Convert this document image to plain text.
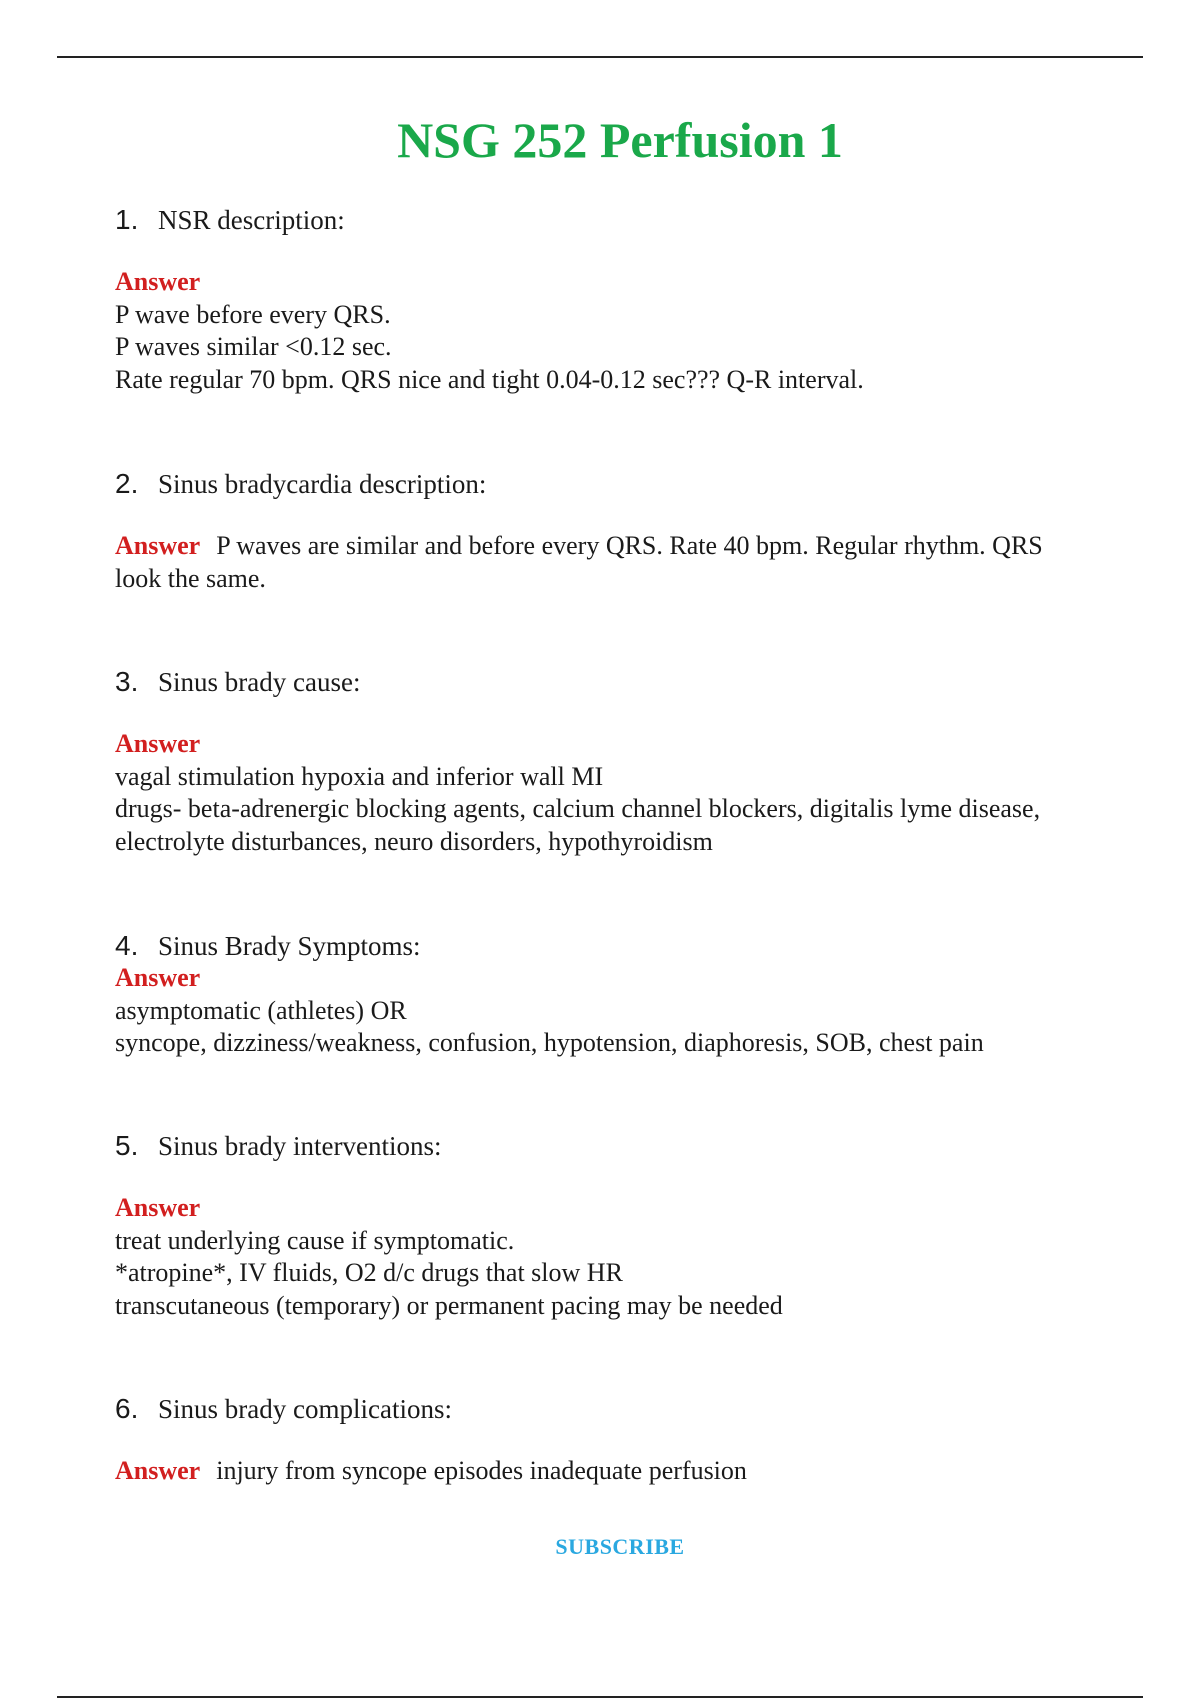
NSG 252 Perfusion 1

1. NSR description:

Answer
P wave before every QRS.
P waves similar <0.12 sec.
Rate regular 70 bpm. QRS nice and tight 0.04-0.12 sec??? Q-R interval.

2. Sinus bradycardia description:

Answer P waves are similar and before every QRS. Rate 40 bpm. Regular rhythm. QRS
look the same.

3. Sinus brady cause:

Answer
vagal stimulation hypoxia and inferior wall MI
drugs- beta-adrenergic blocking agents, calcium channel blockers, digitalis lyme disease,
electrolyte disturbances, neuro disorders, hypothyroidism

4. Sinus Brady Symptoms:

Answer
asymptomatic (athletes) OR
syncope, dizziness/weakness, confusion, hypotension, diaphoresis, SOB, chest pain

5. Sinus brady interventions:

Answer
treat underlying cause if symptomatic.
*atropine*, IV fluids, O2 d/c drugs that slow HR
transcutaneous (temporary) or permanent pacing may be needed

6. Sinus brady complications:

Answer injury from syncope episodes inadequate perfusion

SUBSCRIBE
